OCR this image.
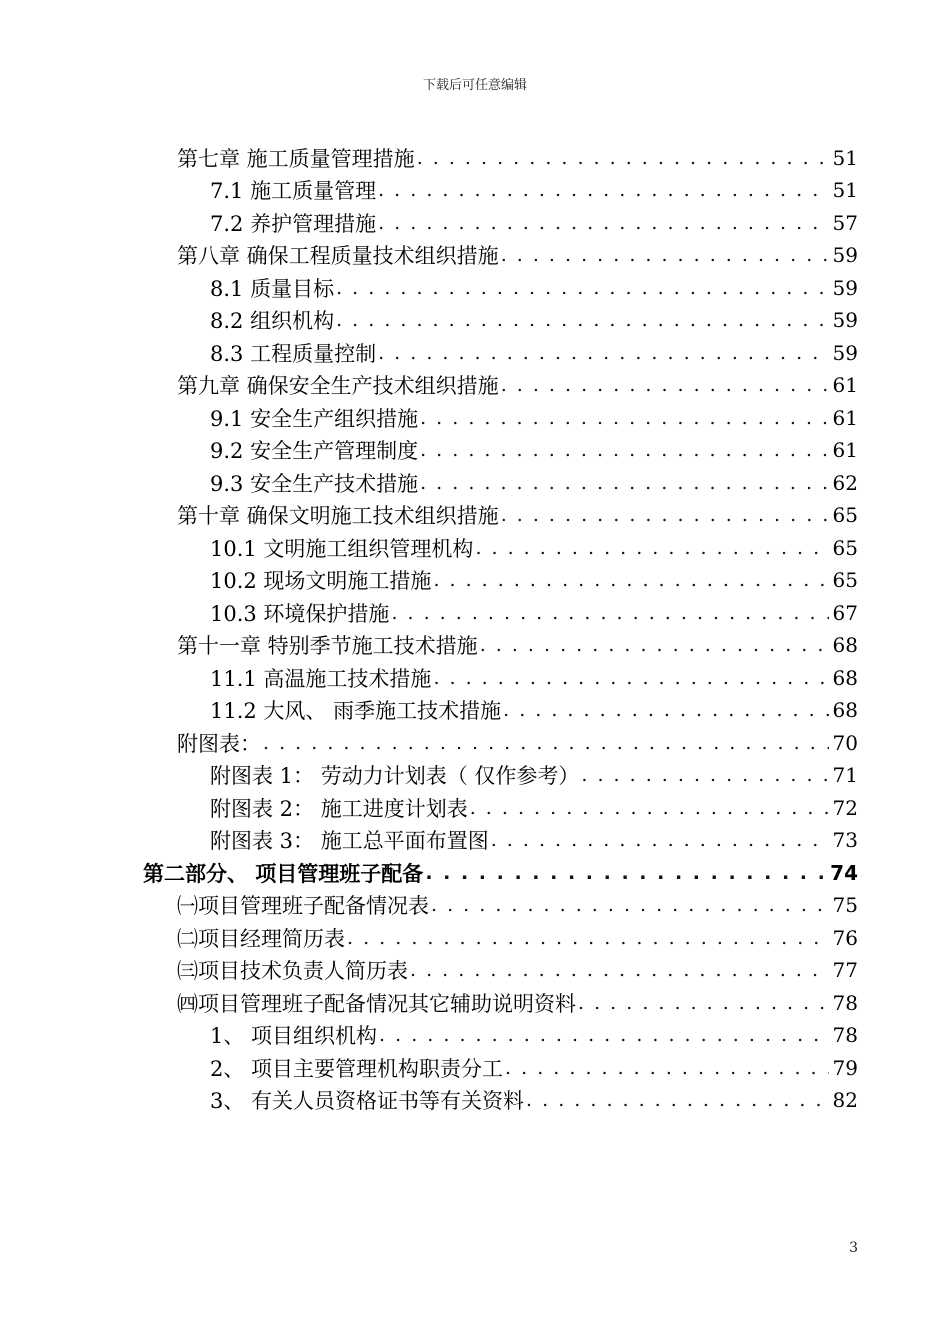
下载后可任意编辑
第七章 施工质量管理措施 . . .	51
7.1 施工质量管理 . . .	51
7.2 养护管理措施 . . .	57
第八章 确保工程质量技术组织措施 . . .	59
8.1 质量目标 . . .	59
8.2 组织机构 . . .	59
8.3 工程质量控制 . . .	59
第九章 确保安全生产技术组织措施 . . .	61
9.1 安全生产组织措施 . . .	61
9.2 安全生产管理制度 . . .	61
9.3 安全生产技术措施 . . .	62
第十章 确保文明施工技术组织措施 . . .	65
10.1 文明施工组织管理机构 . . .	65
10.2 现场文明施工措施 . . .	65
10.3 环境保护措施 . . .	67
第十一章 特别季节施工技术措施 . . .	68
11.1 高温施工技术措施 . . .	68
11.2 大风、 雨季施工技术措施 . . .	68
附图表： . . .	70
附图表 1： 劳动力计划表（ 仅作参考） . . .	71
附图表 2： 施工进度计划表 . . .	72
附图表 3： 施工总平面布置图 . . .	73
第二部分、 项目管理班子配备 . . .	74
㈠项目管理班子配备情况表 . . .	75
㈡项目经理简历表 . . .	76
㈢项目技术负责人简历表 . . .	77
㈣项目管理班子配备情况其它辅助说明资料 . . .	78
1、 项目组织机构 . . .	78
2、 项目主要管理机构职责分工 . . .	79
3、 有关人员资格证书等有关资料 . . .	82
3
